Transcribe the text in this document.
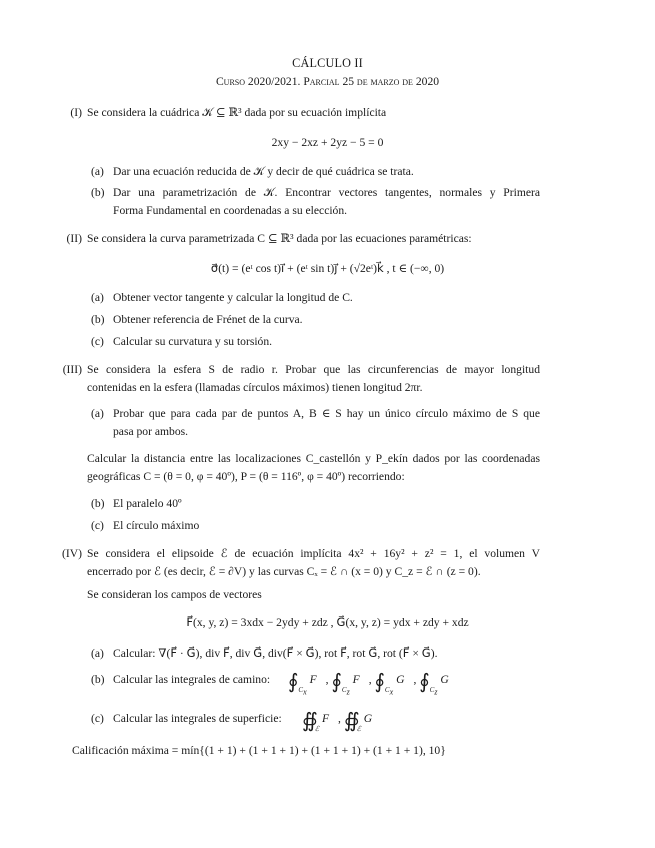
CÁLCULO II
Curso 2020/2021. Parcial 25 de marzo de 2020
(I) Se considera la cuádrica 𝒦 ⊆ ℝ³ dada por su ecuación implícita
2xy − 2xz + 2yz − 5 = 0
(a) Dar una ecuación reducida de 𝒦 y decir de qué cuádrica se trata.
(b) Dar una parametrización de 𝒦. Encontrar vectores tangentes, normales y Primera
Forma Fundamental en coordenadas a su elección.
(II) Se considera la curva parametrizada C ⊆ ℝ³ dada por las ecuaciones paramétricas:
σ⃗(t) = (eᵗ cos t)i⃗ + (eᵗ sin t)j⃗ + (√2eᵗ)k⃗ , t ∈ (−∞, 0)
(a) Obtener vector tangente y calcular la longitud de C.
(b) Obtener referencia de Frénet de la curva.
(c) Calcular su curvatura y su torsión.
(III) Se considera la esfera S de radio r. Probar que las circunferencias de mayor longitud
contenidas en la esfera (llamadas círculos máximos) tienen longitud 2πr.
(a) Probar que para cada par de puntos A, B ∈ S hay un único círculo máximo de S que
pasa por ambos.
Calcular la distancia entre las localizaciones C_castellón y P_ekín dados por las coordenadas
geográficas C = (θ = 0, φ = 40º), P = (θ = 116º, φ = 40º) recorriendo:
(b) El paralelo 40º
(c) El círculo máximo
(IV) Se considera el elipsoide ℰ de ecuación implícita 4x² + 16y² + z² = 1, el volumen V
encerrado por ℰ (es decir, ℰ = ∂V) y las curvas Cₓ = ℰ ∩ (x = 0) y C_z = ℰ ∩ (z = 0).
Se consideran los campos de vectores
F⃗(x, y, z) = 3xdx − 2ydy + zdz , G⃗(x, y, z) = ydx + zdy + xdz
(a) Calcular: ∇(F⃗ · G⃗), div F⃗, div G⃗, div(F⃗ × G⃗), rot F⃗, rot G⃗, rot (F⃗ × G⃗).
(b) Calcular las integrales de camino: $∮_{C_x}$ F⃗, $∮_{C_z}$ F⃗, $∮_{C_x}$ G⃗, $∮_{C_z}$ G⃗
(c) Calcular las integrales de superficie: $∯_ℰ$ F⃗, $∯_ℰ$ G⃗
Calificación máxima = mín{(1 + 1) + (1 + 1 + 1) + (1 + 1 + 1) + (1 + 1 + 1), 10}
